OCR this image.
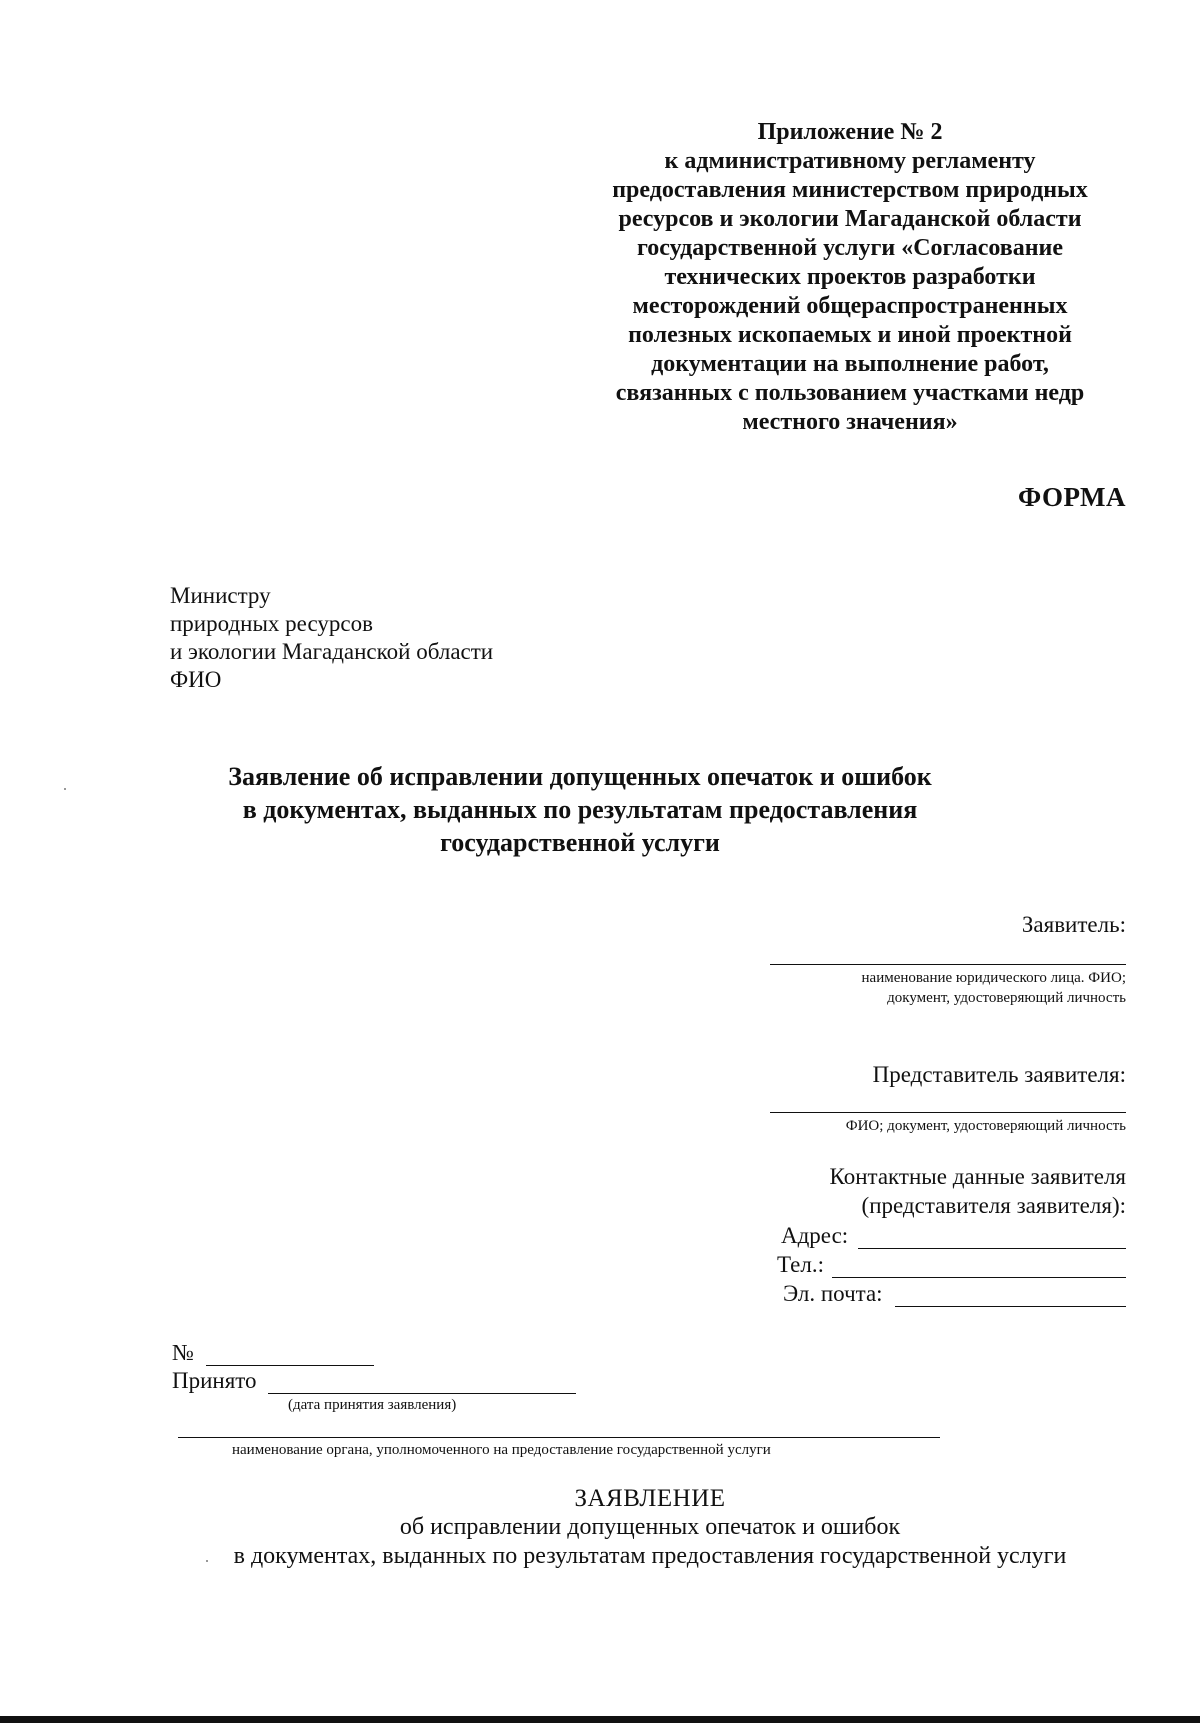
Приложение № 2
к административному регламенту
предоставления министерством природных
ресурсов и экологии Магаданской области
государственной услуги «Согласование
технических проектов разработки
месторождений общераспространенных
полезных ископаемых и иной проектной
документации на выполнение работ,
связанных с пользованием участками недр
местного значения»
ФОРМА
Министру
природных ресурсов
и экологии Магаданской области
ФИО
Заявление об исправлении допущенных опечаток и ошибок
в документах, выданных по результатам предоставления
государственной услуги
Заявитель:
наименование юридического лица. ФИО;
документ, удостоверяющий личность
Представитель заявителя:
ФИО; документ, удостоверяющий личность
Контактные данные заявителя
(представителя заявителя):
Адрес:
Тел.:
Эл. почта:
№
Принято
(дата принятия заявления)
наименование органа, уполномоченного на предоставление государственной услуги
ЗАЯВЛЕНИЕ
об исправлении допущенных опечаток и ошибок
в документах, выданных по результатам предоставления государственной услуги
